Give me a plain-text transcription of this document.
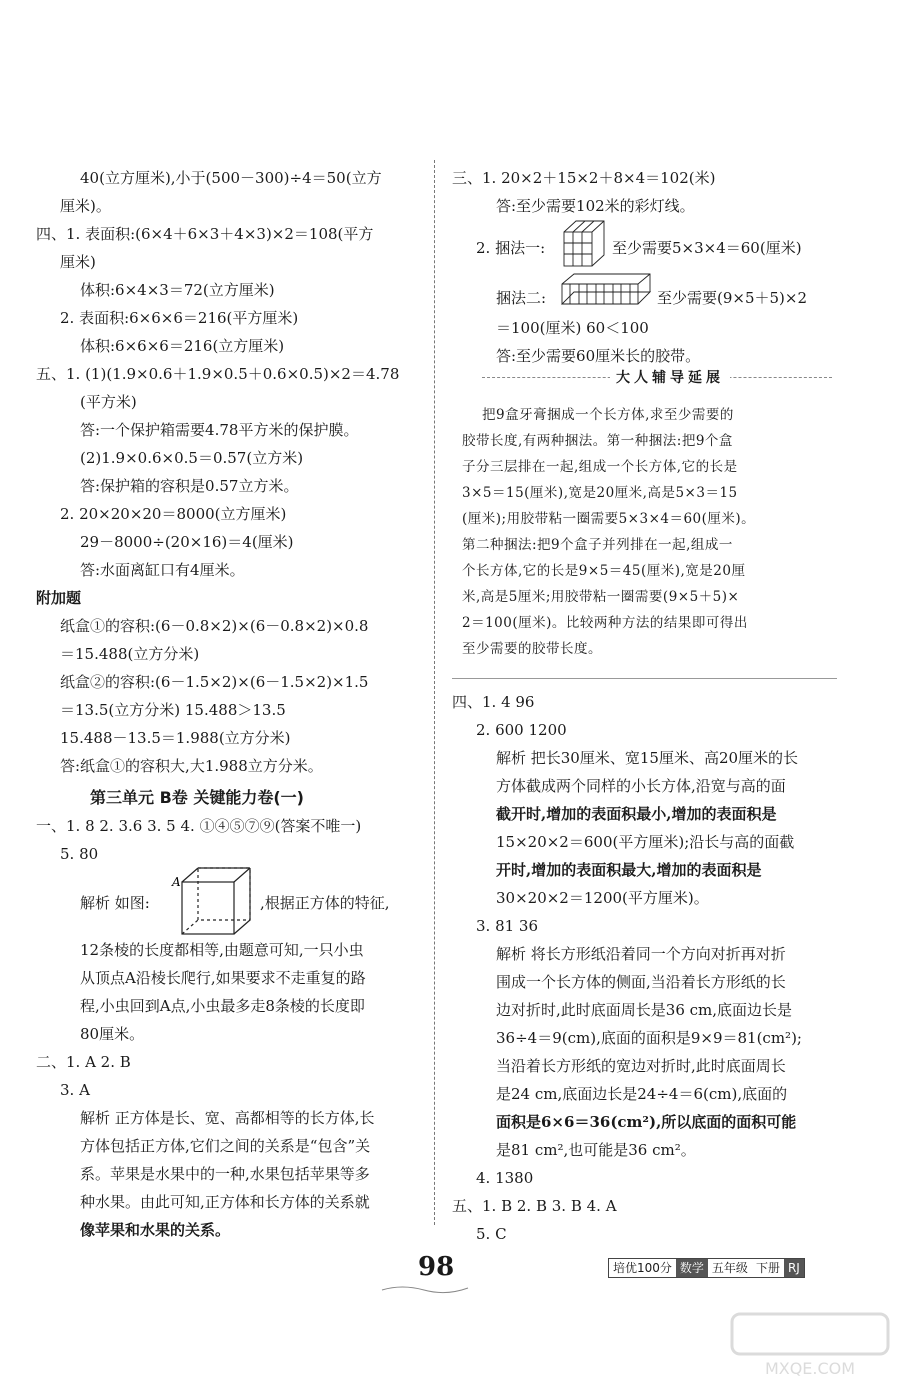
40(立方厘米),小于(500－300)÷4＝50(立方
厘米)。
四、1. 表面积:(6×4＋6×3＋4×3)×2＝108(平方
厘米)
体积:6×4×3＝72(立方厘米)
2. 表面积:6×6×6＝216(平方厘米)
体积:6×6×6＝216(立方厘米)
五、1. (1)(1.9×0.6＋1.9×0.5＋0.6×0.5)×2＝4.78
(平方米)
答:一个保护箱需要4.78平方米的保护膜。
(2)1.9×0.6×0.5＝0.57(立方米)
答:保护箱的容积是0.57立方米。
2. 20×20×20＝8000(立方厘米)
29－8000÷(20×16)＝4(厘米)
答:水面离缸口有4厘米。
附加题
纸盒①的容积:(6－0.8×2)×(6－0.8×2)×0.8
＝15.488(立方分米)
纸盒②的容积:(6－1.5×2)×(6－1.5×2)×1.5
＝13.5(立方分米) 15.488＞13.5
15.488－13.5＝1.988(立方分米)
答:纸盒①的容积大,大1.988立方分米。
第三单元 B卷 关键能力卷(一)
一、1. 8 2. 3.6 3. 5 4. ①④⑤⑦⑨(答案不唯一)
5. 80
解析 如图:
A
,根据正方体的特征,
12条棱的长度都相等,由题意可知,一只小虫
从顶点A沿棱长爬行,如果要求不走重复的路
程,小虫回到A点,小虫最多走8条棱的长度即
80厘米。
二、1. A 2. B
3. A
解析 正方体是长、宽、高都相等的长方体,长
方体包括正方体,它们之间的关系是“包含”关
系。苹果是水果中的一种,水果包括苹果等多
种水果。由此可知,正方体和长方体的关系就
像苹果和水果的关系。
三、1. 20×2＋15×2＋8×4＝102(米)
答:至少需要102米的彩灯线。
2. 捆法一:	至少需要5×3×4＝60(厘米)
捆法二:	至少需要(9×5＋5)×2
＝100(厘米) 60＜100
答:至少需要60厘米长的胶带。
大人辅导延展
把9盒牙膏捆成一个长方体,求至少需要的
胶带长度,有两种捆法。第一种捆法:把9个盒
子分三层排在一起,组成一个长方体,它的长是
3×5＝15(厘米),宽是20厘米,高是5×3＝15
(厘米);用胶带粘一圈需要5×3×4＝60(厘米)。
第二种捆法:把9个盒子并列排在一起,组成一
个长方体,它的长是9×5＝45(厘米),宽是20厘
米,高是5厘米;用胶带粘一圈需要(9×5＋5)×
2＝100(厘米)。比较两种方法的结果即可得出
至少需要的胶带长度。
四、1. 4 96
2. 600 1200
解析 把长30厘米、宽15厘米、高20厘米的长
方体截成两个同样的小长方体,沿宽与高的面
截开时,增加的表面积最小,增加的表面积是
15×20×2＝600(平方厘米);沿长与高的面截
开时,增加的表面积最大,增加的表面积是
30×20×2＝1200(平方厘米)。
3. 81 36
解析 将长方形纸沿着同一个方向对折再对折
围成一个长方体的侧面,当沿着长方形纸的长
边对折时,此时底面周长是36 cm,底面边长是
36÷4＝9(cm),底面的面积是9×9＝81(cm²);
当沿着长方形纸的宽边对折时,此时底面周长
是24 cm,底面边长是24÷4＝6(cm),底面的
面积是6×6＝36(cm²),所以底面的面积可能
是81 cm²,也可能是36 cm²。
4. 1380
五、1. B 2. B 3. B 4. A
5. C
98	培优100分 数学 五年级 下册 RJ
MXQE.COM
